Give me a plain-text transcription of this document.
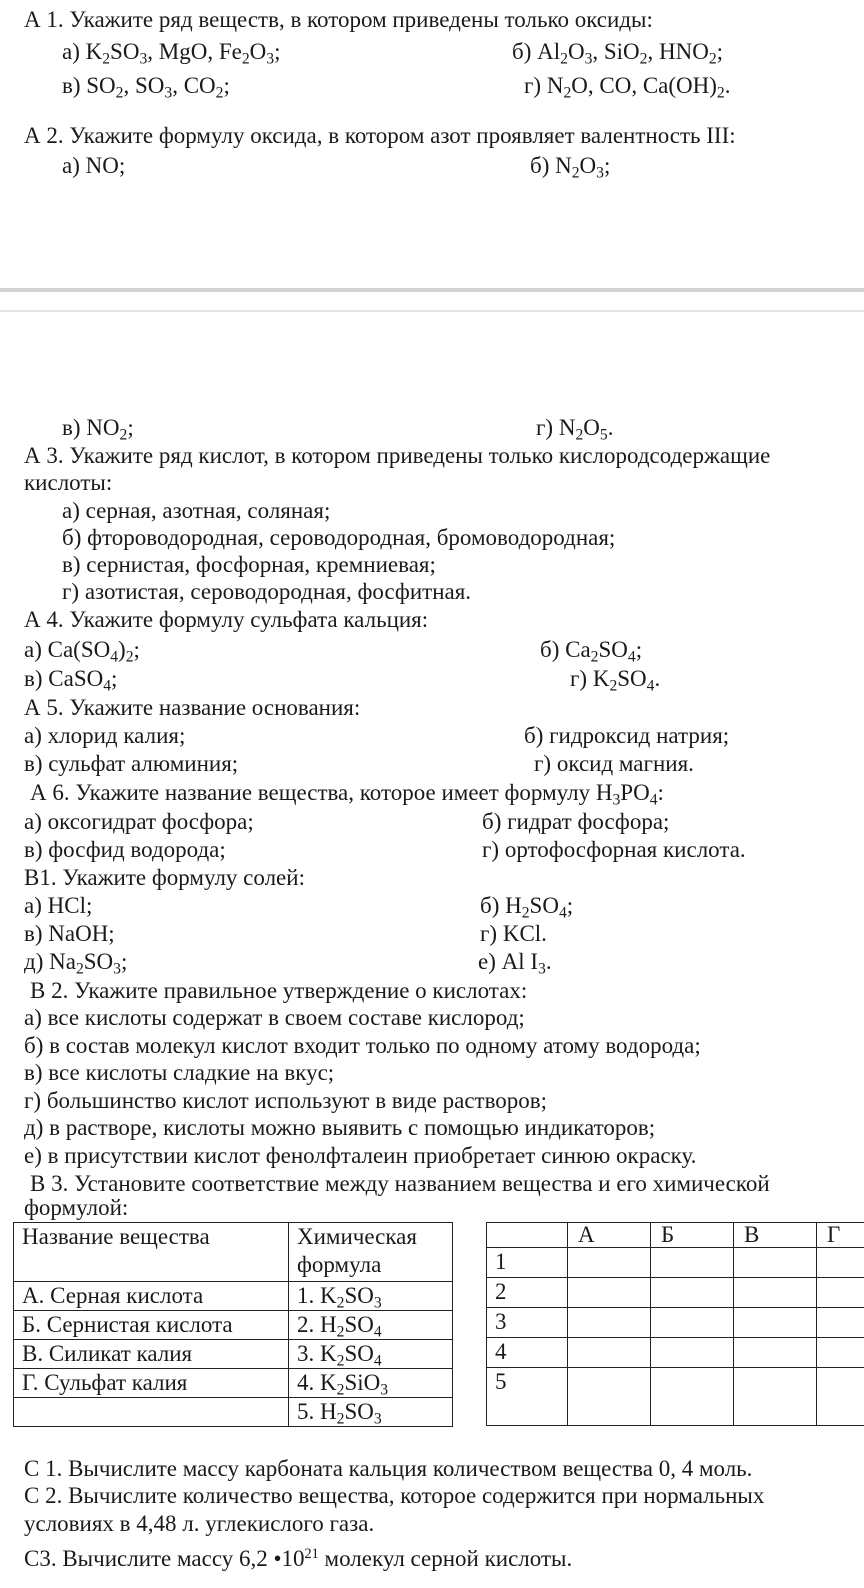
А 1. Укажите ряд веществ, в котором приведены только оксиды:
а) $K_2SO_3$, MgO, $Fe_2O_3$;	б) $Al_2O_3$, SiO$_2$, $HNO_2$;
в) $SO_2$, $SO_3$, $CO_2$;	г) $N_2O$, CO, $Ca(OH)_2$.
А 2. Укажите формулу оксида, в котором азот проявляет валентность III:
а) NO;	б) $N_2O_3$;
в) $NO_2$;	г) $N_2O_5$.
А 3. Укажите ряд кислот, в котором приведены только кислородсодержащие
кислоты:
а) серная, азотная, соляная;
б) фтороводородная, сероводородная, бромоводородная;
в) сернистая, фосфорная, кремниевая;
г) азотистая, сероводородная, фосфитная.
А 4. Укажите формулу сульфата кальция:
а) $Ca(SO_4)_2$;	б) $Ca_2SO_4$;
в) CaSO$_4$;	г) $K_2SO_4$.
А 5. Укажите название основания:
а) хлорид калия;	б) гидроксид натрия;
в) сульфат алюминия;	г) оксид магния.
А 6. Укажите название вещества, которое имеет формулу $H_3PO_4$:
а) оксогидрат фосфора;	б) гидрат фосфора;
в) фосфид водорода;	г) ортофосфорная кислота.
В1. Укажите формулу солей:
а) HCl;	б) $H_2SO_4$;
в) NaOH;	г) KCl.
д) $Na_2SO_3$;	е) Al $I_3$.
В 2. Укажите правильное утверждение о кислотах:
а) все кислоты содержат в своем составе кислород;
б) в состав молекул кислот входит только по одному атому водорода;
в) все кислоты сладкие на вкус;
г) большинство кислот используют в виде растворов;
д) в растворе, кислоты можно выявить с помощью индикаторов;
е) в присутствии кислот фенолфталеин приобретает синюю окраску.
В 3. Установите соответствие между названием вещества и его химической
формулой:
Название вещества	Химическая
формула
А. Серная кислота	1. $K_2SO_3$
Б. Сернистая кислота	2. $H_2SO_4$
В. Силикат калия	3. $K_2SO_4$
Г. Сульфат калия	4. $K_2SiO_3$
	5. $H_2SO_3$
	А	Б	В	Г
1				
2				
3				
4				
5				
С 1. Вычислите массу карбоната кальция количеством вещества 0, 4 моль.
С 2. Вычислите количество вещества, которое содержится при нормальных
условиях в 4,48 л. углекислого газа.
С3. Вычислите массу 6,2 $•10^{21}$ молекул серной кислоты.
